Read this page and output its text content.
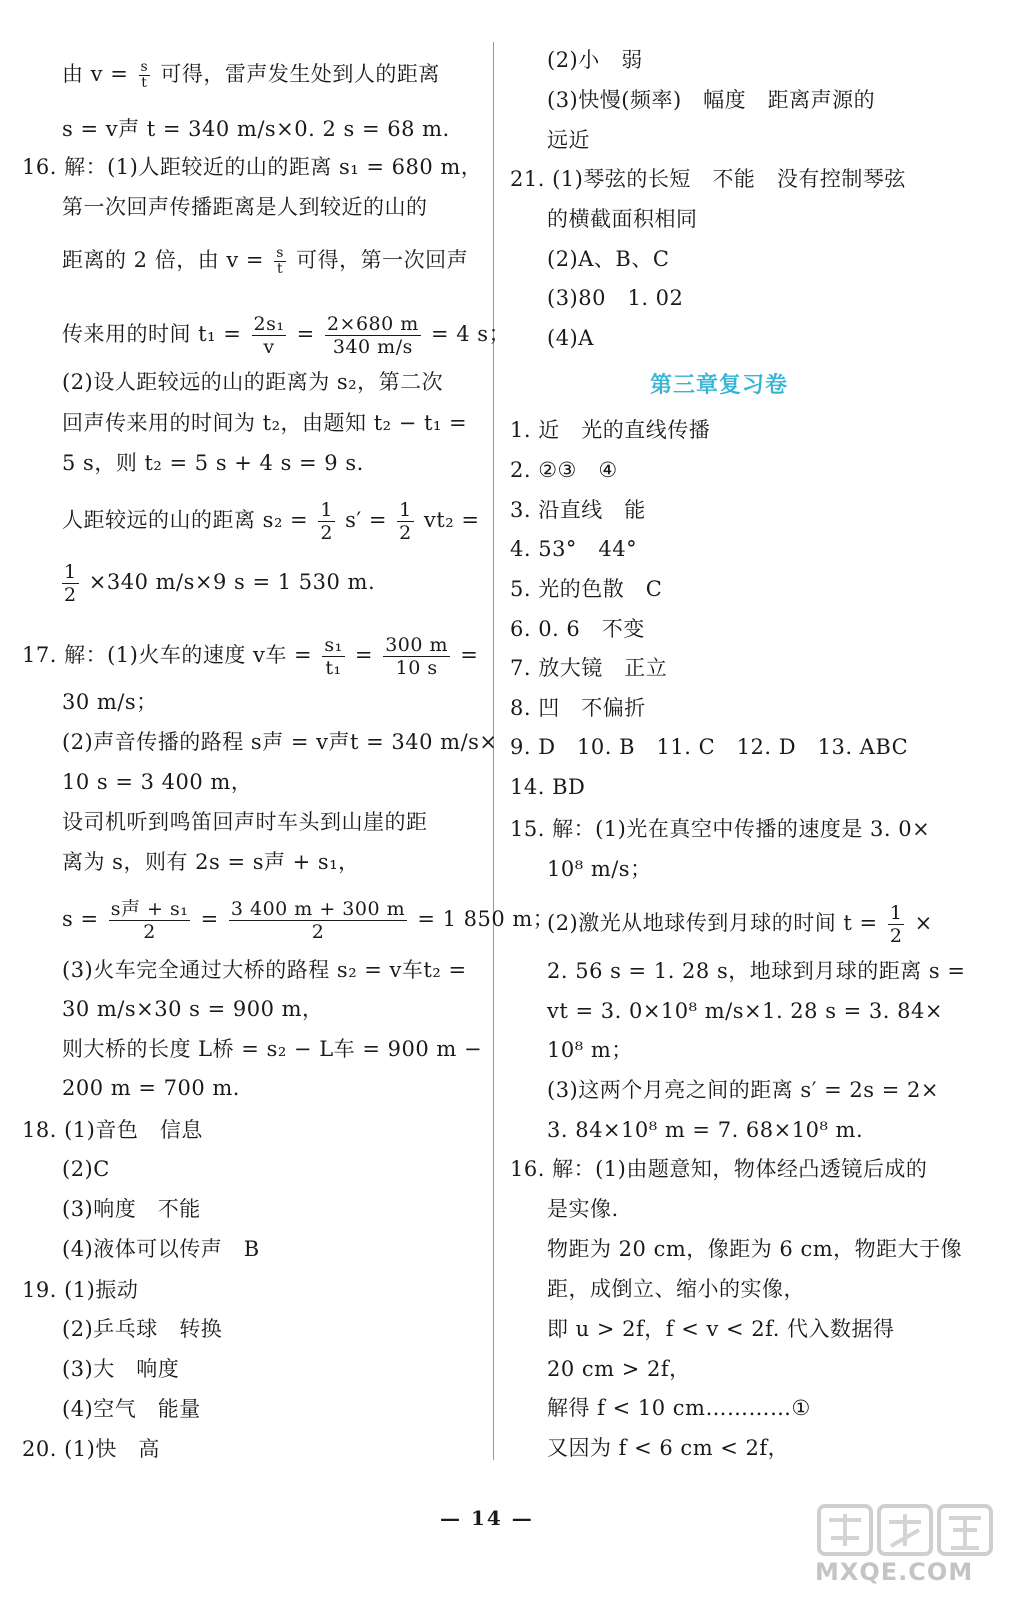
由 $v = \frac{s}{t}$ 可得，雷声发生处到人的距离
s = v声 t = 340 m/s×0. 2 s = 68 m.
16. 解：(1)人距较近的山的距离 s₁ = 680 m，
第一次回声传播距离是人到较近的山的
距离的 2 倍，由 $v = \frac{s}{t}$ 可得，第一次回声
传来用的时间 $t_1 = \frac{\text{2s₁}}{v} = \frac{2\times 680 m}{340 m/s} = 4$ s；
(2)设人距较远的山的距离为 s₂，第二次
回声传来用的时间为 t₂，由题知 t₂ − t₁ =
5 s，则 t₂ = 5 s + 4 s = 9 s.
人距较远的山的距离 $s_2 = \frac{1}{2} s' = \frac{1}{2} vt_2$ =
$\frac{1}{2} \times 340$ m/s×9 s = 1 530 m.
17. 解：(1)火车的速度 v车 = $\frac{\text{s₁}}{\text{t₁}} = \frac{300 m}{10 s}$ =
30 m/s；
(2)声音传播的路程 s声 = v声t = 340 m/s×
10 s = 3 400 m，
设司机听到鸣笛回声时车头到山崖的距
离为 s，则有 2s = s声 + s₁，
$s = \frac{\text{s声 + s₁}}{2} = \frac{3 400 m + 300 m}{2} = 1$ 850 m；
(3)火车完全通过大桥的路程 s₂ = v车t₂ =
30 m/s×30 s = 900 m，
则大桥的长度 L桥 = s₂ − L车 = 900 m −
200 m = 700 m.
18. (1)音色　信息
(2)C
(3)响度　不能
(4)液体可以传声　B
19. (1)振动
(2)乒乓球　转换
(3)大　响度
(4)空气　能量
20. (1)快　高
(2)小　弱
(3)快慢(频率)　幅度　距离声源的
远近
21. (1)琴弦的长短　不能　没有控制琴弦
的横截面积相同
(2)A、B、C
(3)80　1. 02
(4)A
第三章复习卷
1. 近　光的直线传播
2. ②③　④
3. 沿直线　能
4. 53°　44°
5. 光的色散　C
6. 0. 6　不变
7. 放大镜　正立
8. 凹　不偏折
9. D　10. B　11. C　12. D　13. ABC
14. BD
15. 解：(1)光在真空中传播的速度是 3. 0×
10⁸ m/s；
(2)激光从地球传到月球的时间 $t = \frac{1}{2}$ ×
2. 56 s = 1. 28 s，地球到月球的距离 s =
vt = 3. 0×10⁸ m/s×1. 28 s = 3. 84×
10⁸ m；
(3)这两个月亮之间的距离 s′ = 2s = 2×
3. 84×10⁸ m = 7. 68×10⁸ m.
16. 解：(1)由题意知，物体经凸透镜后成的
是实像.
物距为 20 cm，像距为 6 cm，物距大于像
距，成倒立、缩小的实像，
即 u > 2f，f < v < 2f. 代入数据得
20 cm > 2f，
解得 f < 10 cm…………①
又因为 f < 6 cm < 2f，
— 14 —
MXQE.COM
